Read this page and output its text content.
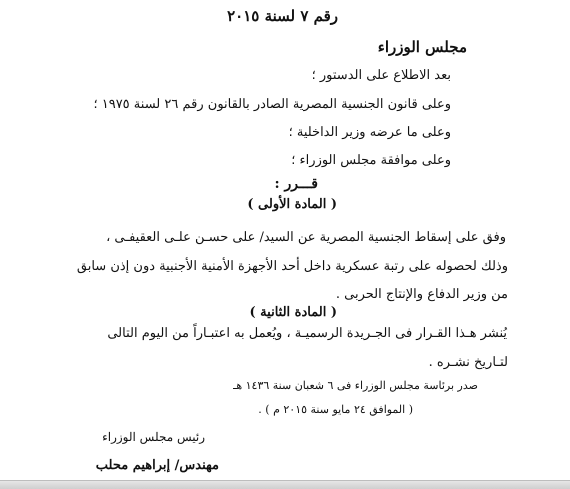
رقم ٧ لسنة ٢٠١٥
مجلس الوزراء
بعد الاطلاع على الدستور ؛
وعلى قانون الجنسية المصرية الصادر بالقانون رقم ٢٦ لسنة ١٩٧٥ ؛
وعلى ما عرضه وزير الداخلية ؛
وعلى موافقة مجلس الوزراء ؛
قـــرر :
( المادة الأولى )
وفق على إسقاط الجنسية المصرية عن السيد/ على حسـن علـى العقيفـى ،
وذلك لحصوله على رتبة عسكرية داخل أحد الأجهزة الأمنية الأجنبية دون إذن سابق
من وزير الدفاع والإنتاج الحربى .
( المادة الثانية )
يُنشر هـذا القـرار فى الجـريدة الرسميـة ، ويُعمل به اعتبـاراً من اليوم التالى
لتـاريخ نشـره .
صدر برئاسة مجلس الوزراء فى ٦ شعبان سنة ١٤٣٦ هـ
( الموافق ٢٤ مايو سنة ٢٠١٥ م ) .
رئيس مجلس الوزراء
مهندس/ إبراهيم محلب
